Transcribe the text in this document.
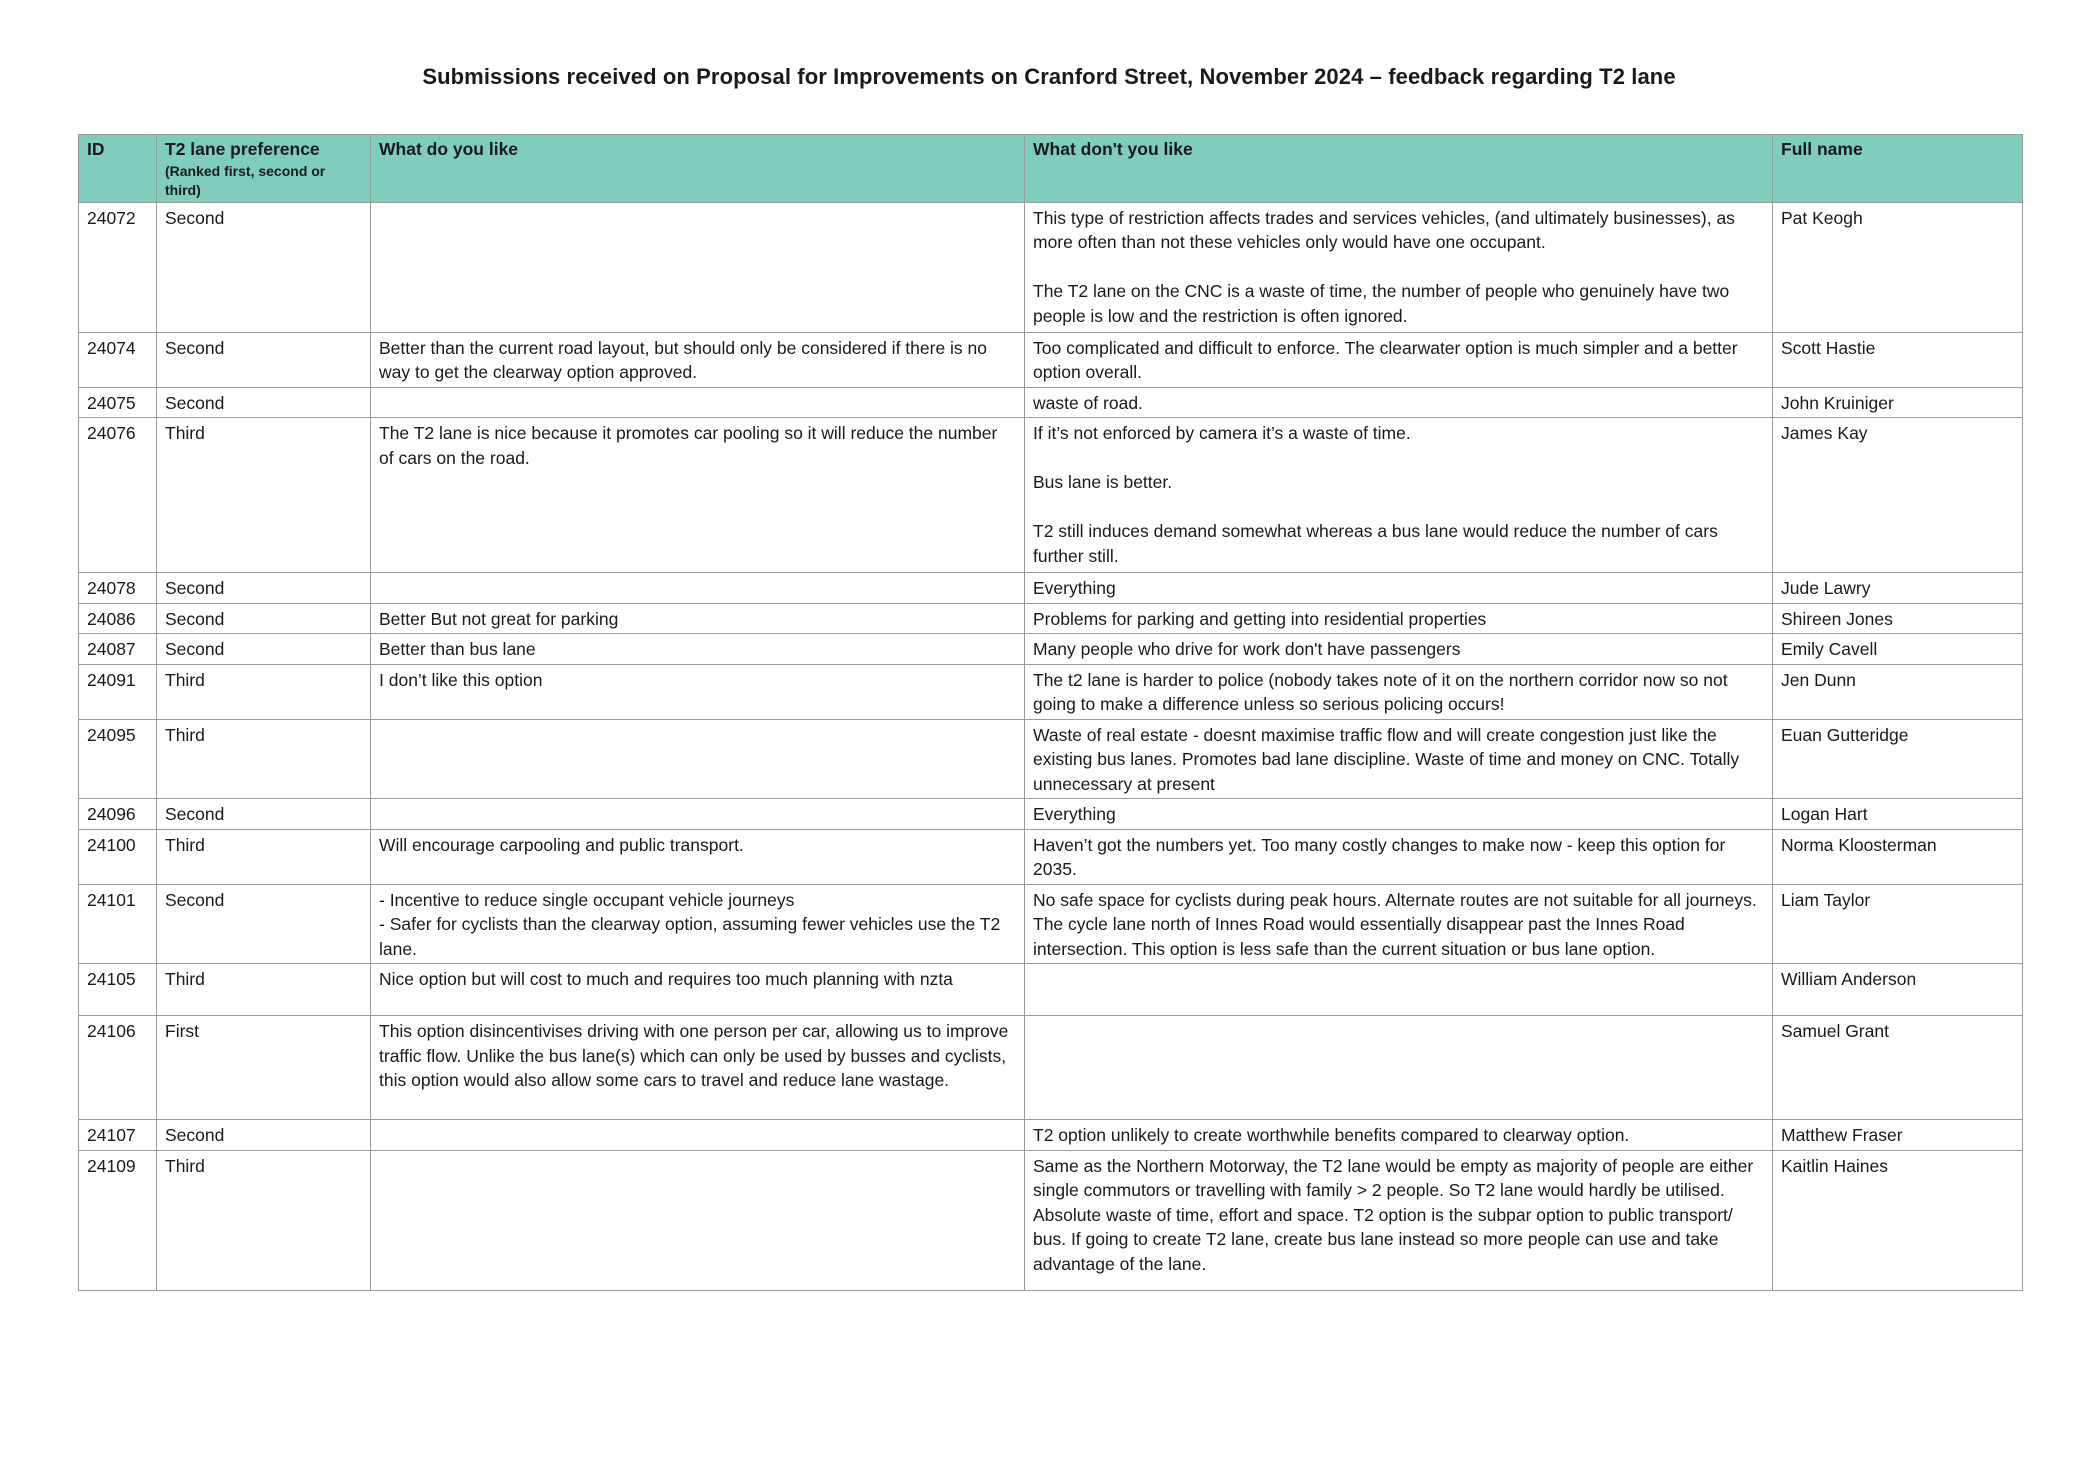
Submissions received on Proposal for Improvements on Cranford Street, November 2024 – feedback regarding T2 lane
ID	T2 lane preference
(Ranked first, second or third)	What do you like	What don't you like	Full name

24072	Second		This type of restriction affects trades and services vehicles, (and ultimately businesses), as more often than not these vehicles only would have one occupant.

The T2 lane on the CNC is a waste of time, the number of people who genuinely have two people is low and the restriction is often ignored.	Pat Keogh

24074	Second	Better than the current road layout, but should only be considered if there is no way to get the clearway option approved.	Too complicated and difficult to enforce. The clearwater option is much simpler and a better option overall.	Scott Hastie

24075	Second		waste of road.	John Kruiniger

24076	Third	The T2 lane is nice because it promotes car pooling so it will reduce the number of cars on the road.	If it’s not enforced by camera it’s a waste of time.

Bus lane is better.

T2 still induces demand somewhat whereas a bus lane would reduce the number of cars further still.	James Kay

24078	Second		Everything	Jude Lawry

24086	Second	Better But not great for parking	Problems for parking and getting into residential properties	Shireen Jones

24087	Second	Better than bus lane	Many people who drive for work don't have passengers	Emily Cavell

24091	Third	I don’t like this option	The t2 lane is harder to police (nobody takes note of it on the northern corridor now so not going to make a difference unless so serious policing occurs!	Jen Dunn

24095	Third		Waste of real estate - doesnt maximise traffic flow and will create congestion just like the existing bus lanes. Promotes bad lane discipline. Waste of time and money on CNC. Totally unnecessary at present	Euan Gutteridge

24096	Second		Everything	Logan Hart

24100	Third	Will encourage carpooling and public transport.	Haven’t got the numbers yet. Too many costly changes to make now - keep this option for 2035.	Norma Kloosterman

24101	Second	- Incentive to reduce single occupant vehicle journeys
- Safer for cyclists than the clearway option, assuming fewer vehicles use the T2 lane.	No safe space for cyclists during peak hours. Alternate routes are not suitable for all journeys. The cycle lane north of Innes Road would essentially disappear past the Innes Road intersection. This option is less safe than the current situation or bus lane option.	Liam Taylor

24105	Third	Nice option but will cost to much and requires too much planning with nzta		William Anderson

24106	First	This option disincentivises driving with one person per car, allowing us to improve traffic flow. Unlike the bus lane(s) which can only be used by busses and cyclists, this option would also allow some cars to travel and reduce lane wastage.		Samuel Grant

24107	Second		T2 option unlikely to create worthwhile benefits compared to clearway option.	Matthew Fraser

24109	Third		Same as the Northern Motorway, the T2 lane would be empty as majority of people are either single commutors or travelling with family > 2 people. So T2 lane would hardly be utilised.
Absolute waste of time, effort and space. T2 option is the subpar option to public transport/ bus. If going to create T2 lane, create bus lane instead so more people can use and take advantage of the lane.	Kaitlin Haines
